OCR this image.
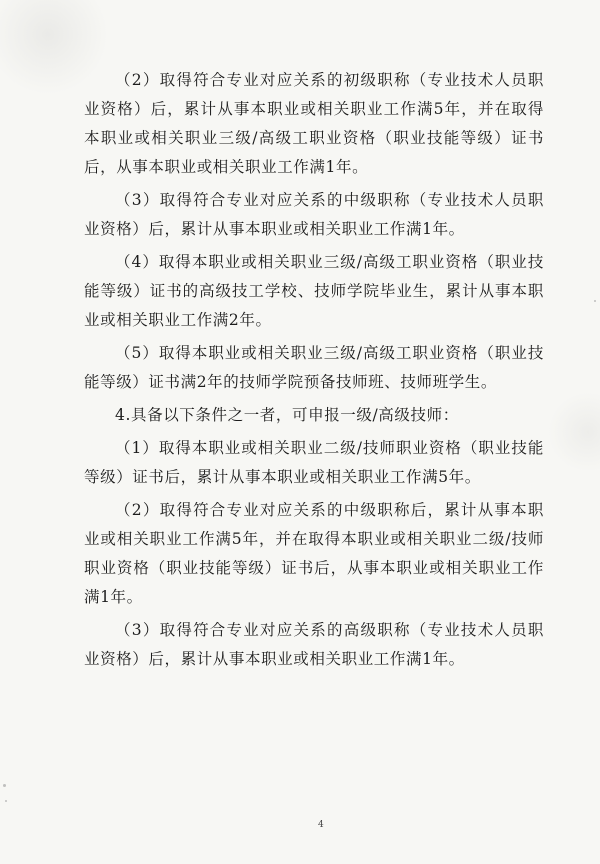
（2）取得符合专业对应关系的初级职称（专业技术人员职业资格）后，累计从事本职业或相关职业工作满5年，并在取得本职业或相关职业三级/高级工职业资格（职业技能等级）证书后，从事本职业或相关职业工作满1年。

（3）取得符合专业对应关系的中级职称（专业技术人员职业资格）后，累计从事本职业或相关职业工作满1年。

（4）取得本职业或相关职业三级/高级工职业资格（职业技能等级）证书的高级技工学校、技师学院毕业生，累计从事本职业或相关职业工作满2年。

（5）取得本职业或相关职业三级/高级工职业资格（职业技能等级）证书满2年的技师学院预备技师班、技师班学生。

4.具备以下条件之一者，可申报一级/高级技师：

（1）取得本职业或相关职业二级/技师职业资格（职业技能等级）证书后，累计从事本职业或相关职业工作满5年。

（2）取得符合专业对应关系的中级职称后，累计从事本职业或相关职业工作满5年，并在取得本职业或相关职业二级/技师职业资格（职业技能等级）证书后，从事本职业或相关职业工作满1年。

（3）取得符合专业对应关系的高级职称（专业技术人员职业资格）后，累计从事本职业或相关职业工作满1年。

4
